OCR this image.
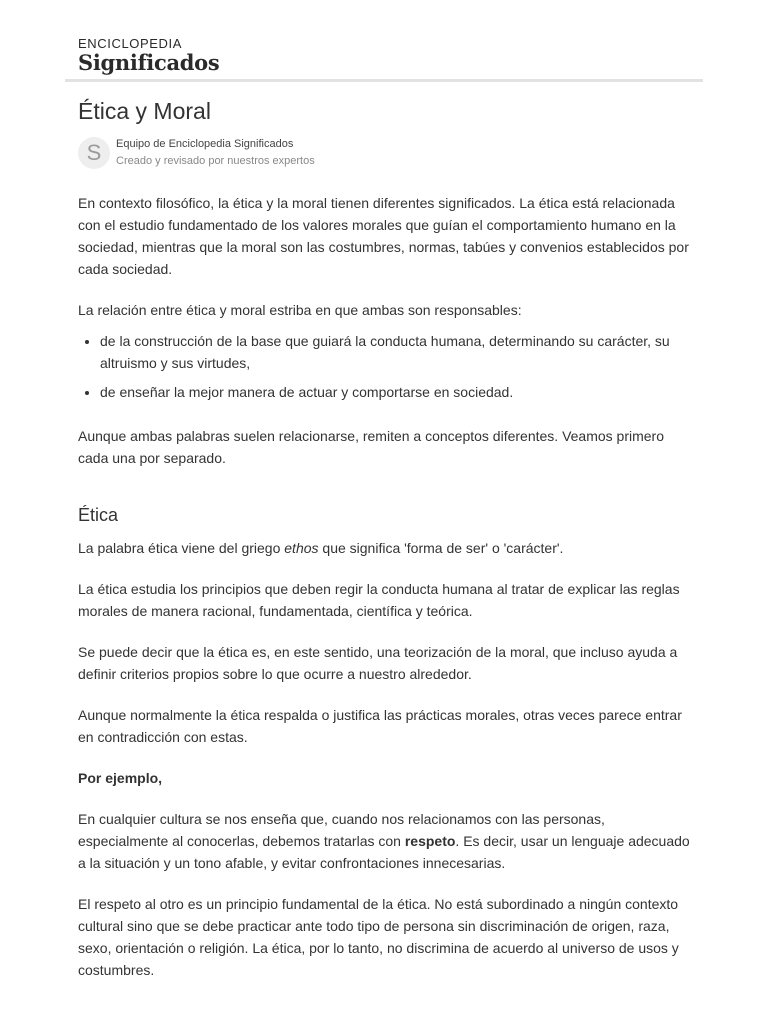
ENCICLOPEDIA
Significados
Ética y Moral
S	Equipo de Enciclopedia Significados
Creado y revisado por nuestros expertos

En contexto filosófico, la ética y la moral tienen diferentes significados. La ética está relacionada con el estudio fundamentado de los valores morales que guían el comportamiento humano en la sociedad, mientras que la moral son las costumbres, normas, tabúes y convenios establecidos por cada sociedad.

La relación entre ética y moral estriba en que ambas son responsables:

• de la construcción de la base que guiará la conducta humana, determinando su carácter, su altruismo y sus virtudes,
• de enseñar la mejor manera de actuar y comportarse en sociedad.

Aunque ambas palabras suelen relacionarse, remiten a conceptos diferentes. Veamos primero cada una por separado.

Ética

La palabra ética viene del griego ethos que significa 'forma de ser' o 'carácter'.

La ética estudia los principios que deben regir la conducta humana al tratar de explicar las reglas morales de manera racional, fundamentada, científica y teórica.

Se puede decir que la ética es, en este sentido, una teorización de la moral, que incluso ayuda a definir criterios propios sobre lo que ocurre a nuestro alrededor.

Aunque normalmente la ética respalda o justifica las prácticas morales, otras veces parece entrar en contradicción con estas.

Por ejemplo,

En cualquier cultura se nos enseña que, cuando nos relacionamos con las personas, especialmente al conocerlas, debemos tratarlas con respeto. Es decir, usar un lenguaje adecuado a la situación y un tono afable, y evitar confrontaciones innecesarias.

El respeto al otro es un principio fundamental de la ética. No está subordinado a ningún contexto cultural sino que se debe practicar ante todo tipo de persona sin discriminación de origen, raza, sexo, orientación o religión. La ética, por lo tanto, no discrimina de acuerdo al universo de usos y costumbres.
